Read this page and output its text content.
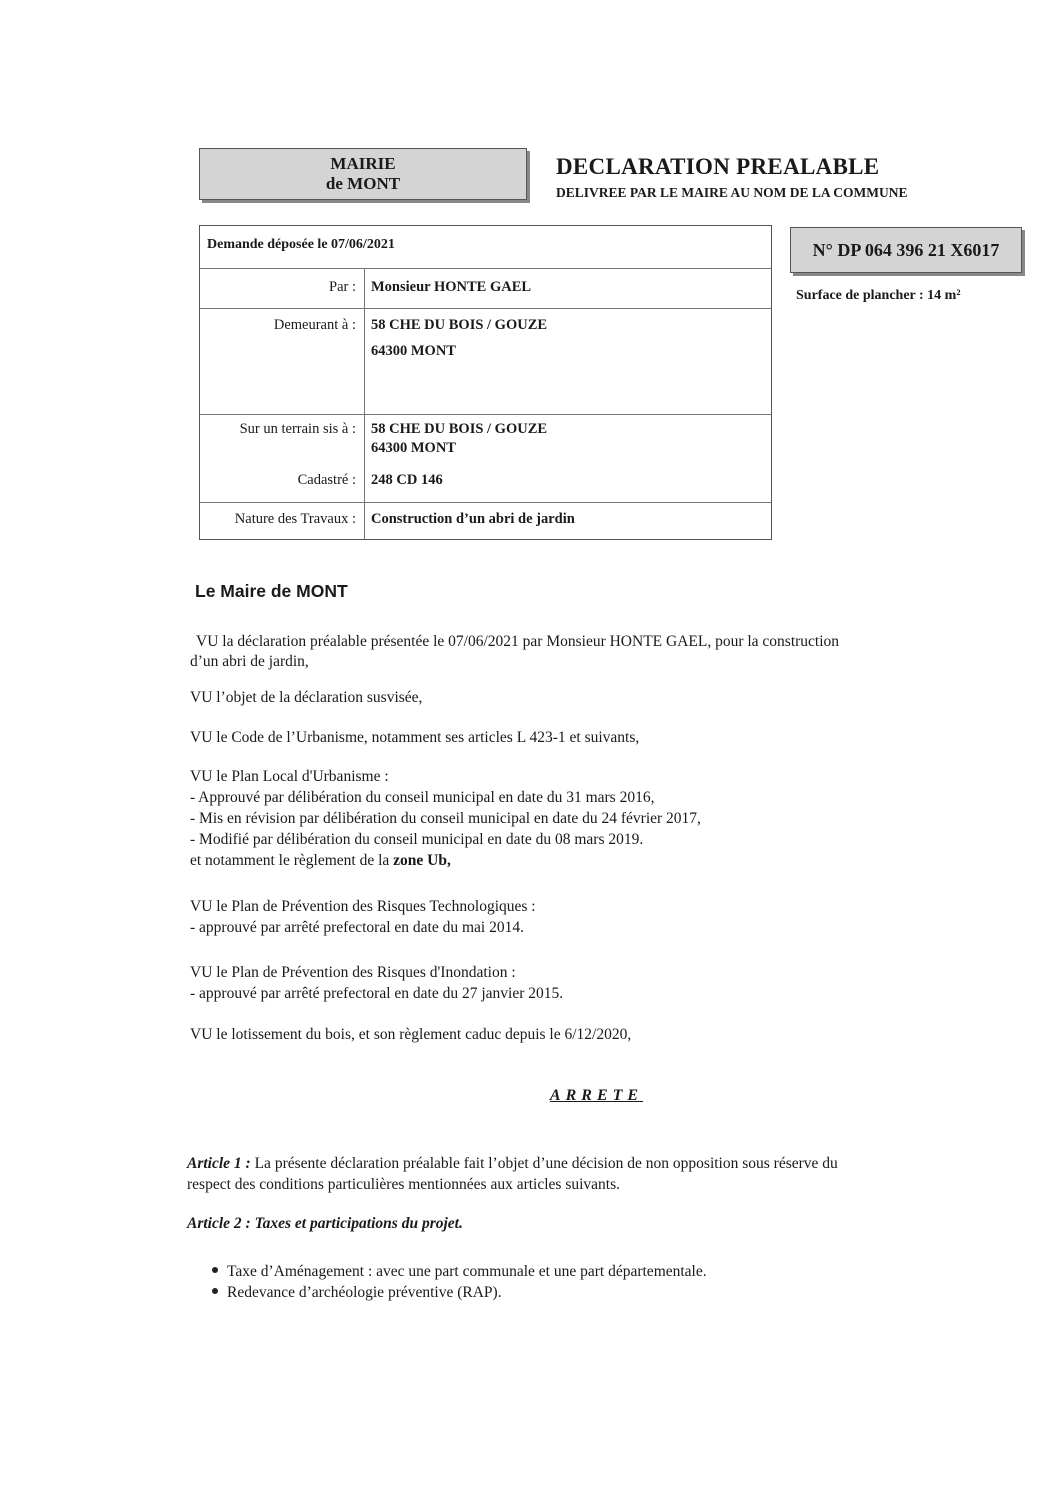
MAIRIE
de MONT
DECLARATION PREALABLE
DELIVREE PAR LE MAIRE AU NOM DE LA COMMUNE
Demande déposée le 07/06/2021
Par : Monsieur HONTE GAEL
Demeurant à : 58 CHE DU BOIS / GOUZE
64300 MONT
Sur un terrain sis à : 58 CHE DU BOIS / GOUZE
64300 MONT
Cadastré : 248 CD 146
Nature des Travaux : Construction d’un abri de jardin
N° DP 064 396 21 X6017
Surface de plancher : 14 m²
Le Maire de MONT
VU la déclaration préalable présentée le 07/06/2021 par Monsieur HONTE GAEL, pour la construction
d’un abri de jardin,
VU l’objet de la déclaration susvisée,
VU le Code de l’Urbanisme, notamment ses articles L 423-1 et suivants,
VU le Plan Local d'Urbanisme :
- Approuvé par délibération du conseil municipal en date du 31 mars 2016,
- Mis en révision par délibération du conseil municipal en date du 24 février 2017,
- Modifié par délibération du conseil municipal en date du 08 mars 2019.
et notamment le règlement de la zone Ub,
VU le Plan de Prévention des Risques Technologiques :
- approuvé par arrêté prefectoral en date du mai 2014.
VU le Plan de Prévention des Risques d'Inondation :
- approuvé par arrêté prefectoral en date du 27 janvier 2015.
VU le lotissement du bois, et son règlement caduc depuis le 6/12/2020,
ARRETE
Article 1 : La présente déclaration préalable fait l’objet d’une décision de non opposition sous réserve du
respect des conditions particulières mentionnées aux articles suivants.
Article 2 : Taxes et participations du projet.
Taxe d’Aménagement : avec une part communale et une part départementale.
Redevance d’archéologie préventive (RAP).
